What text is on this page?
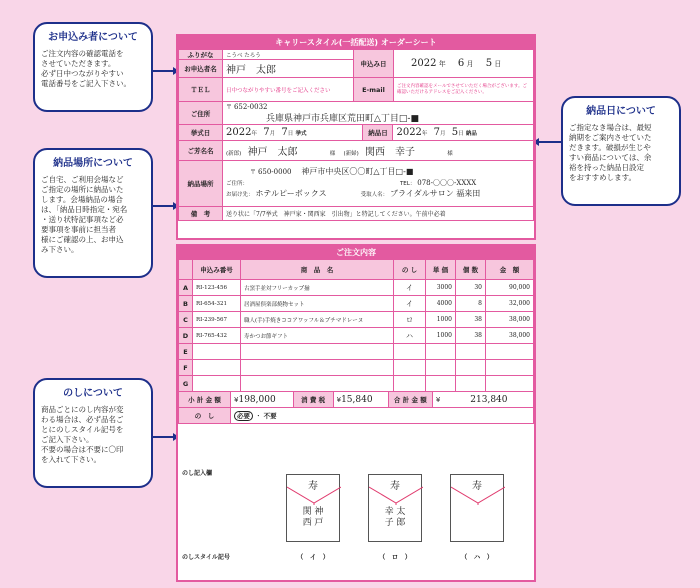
お申込み者について

ご注文内容の確認電話を
させていただきます。
必ず日中つながりやすい
電話番号をご記入下さい。

納品場所について

ご自宅、ご利用会場など
ご指定の場所に納品いた
します。会場納品の場合
は、「納品日時指定・宛名
・送り状特記事項など必
要事項を事前に担当者
様にご確認の上、お申込
み下さい。

納品日について

ご指定なき場合は、最短
納期をご案内させていた
だきます。破損が生じや
すい商品については、余
裕を持った納品日設定
をおすすめします。

のしについて

商品ごとにのし内容が変
わる場合は、必ず品名ご
とにのしスタイル記号を
ご記入下さい。
不要の場合は不要に〇印
を入れて下さい。

キャリースタイル(一括配送) オーダーシート
ふりがな	こうべ たろう	申込み日	2022 年 6 月 5 日
お申込者名	神戸　太郎		
ＴＥＬ	日中つながりやすい番号をご記入ください	E-mail	ご注文内容確認をメールでさせていただく場合がございます。ご確認いただけるアドレスをご記入ください。
ご住所	〒 652-0032
兵庫県神戸市兵庫区荒田町△丁目□-■		
挙式日	2022年 7月 7日 挙式	納品日	2022年 7月 5日 納品
ご芳名名	(新郎) 神戸　太郎 様 (新婦) 関西　幸子 様		
納品場所	〒 650-0000 神戸市中央区〇〇町△丁目□-■
ご住所： TEL： 078-〇〇〇-XXXX
お届け先： ホテルピーボックス 受取人名： ブライダルサロン 福来田		

備　考	送り状に「7/7挙式　神戸家・関西家　引出物」と特記してください。午前中必着		
ご注文内容
	申込み番号	商　品　名	の し	単 価	個 数	金　額
A	RI-123-456	古窯手並対フリーカップ揃	イ	3000	30	90,000
B	RI-654-321	居酒屋倶楽部焼物セット	イ	4000	8	32,000
C	RI-239-567	職人(手)手焼きココアワッフル＆プチマドレーヌ	ロ	1000	38	38,000
D	RI-765-432	寿かつお節ギフト	ハ	1000	38	38,000
E						
F						
G						
小 計 金 額	¥198,000	消 費 税	¥15,840	合 計 金 額	¥ 213,840
の　し	必要 ・ 不要				
のし記入欄
寿
関 神
西 戸
（　イ　）
寿
幸 太
子 郎
（　ロ　）
寿
（　ハ　）
のしスタイル記号
